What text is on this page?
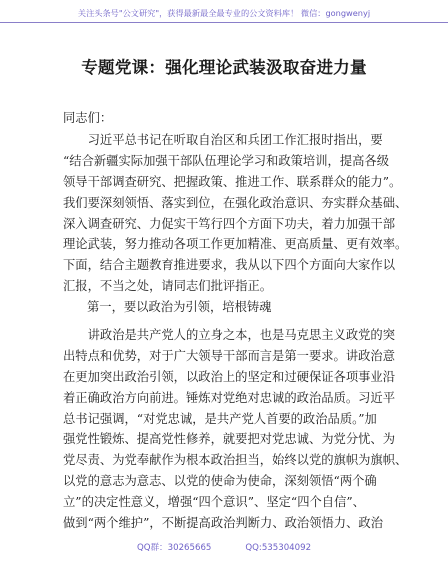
关注头条号"公文研究"，获得最新最全最专业的公文资料库！ 微信：gongwenyj
专题党课：强化理论武装汲取奋进力量
同志们：
　　习近平总书记在听取自治区和兵团工作汇报时指出，要
“结合新疆实际加强干部队伍理论学习和政策培训，提高各级
领导干部调查研究、把握政策、推进工作、联系群众的能力”。
我们要深刻领悟、落实到位，在强化政治意识、夯实群众基础、
深入调查研究、力促实干笃行四个方面下功夫，着力加强干部
理论武装，努力推动各项工作更加精准、更高质量、更有效率。
下面，结合主题教育推进要求，我从以下四个方面向大家作以
汇报，不当之处，请同志们批评指正。
第一，要以政治为引领，培根铸魂
　　讲政治是共产党人的立身之本，也是马克思主义政党的突
出特点和优势，对于广大领导干部而言是第一要求。讲政治意
在更加突出政治引领，以政治上的坚定和过硬保证各项事业沿
着正确政治方向前进。锤炼对党绝对忠诚的政治品质。习近平
总书记强调，“对党忠诚，是共产党人首要的政治品质。”加
强党性锻炼、提高党性修养，就要把对党忠诚、为党分忧、为
党尽责、为党奉献作为根本政治担当，始终以党的旗帜为旗帜、
以党的意志为意志、以党的使命为使命，深刻领悟“两个确
立”的决定性意义，增强“四个意识”、坚定“四个自信”、
做到“两个维护”，不断提高政治判断力、政治领悟力、政治
QQ群：30265665	QQ:535304092
